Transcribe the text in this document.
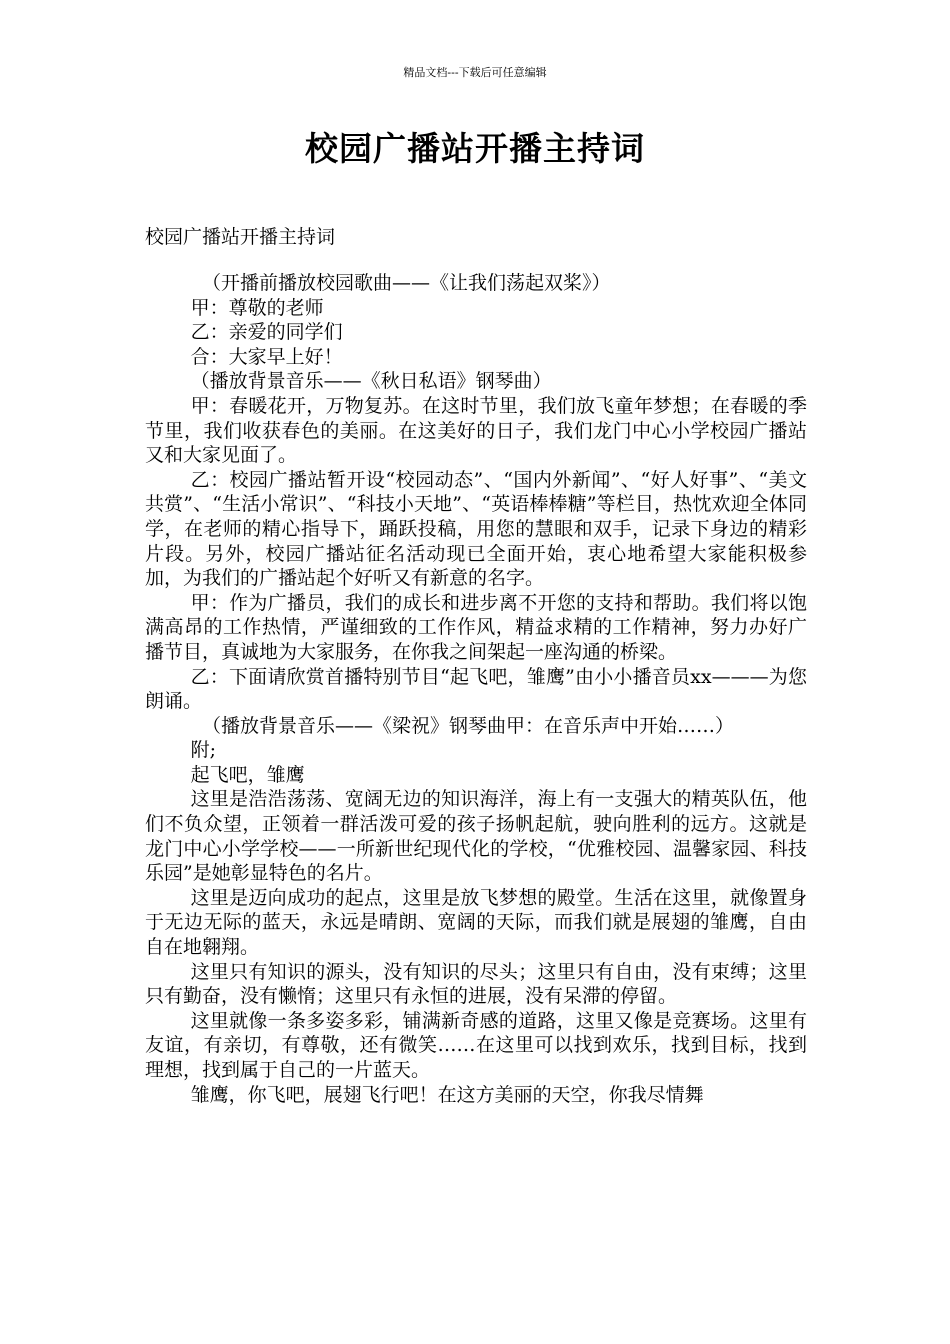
精品文档---下载后可任意编辑
校园广播站开播主持词

校园广播站开播主持词

（开播前播放校园歌曲——《让我们荡起双桨》）

甲：尊敬的老师

乙：亲爱的同学们

合：大家早上好！

（播放背景音乐——《秋日私语》钢琴曲）

甲：春暖花开，万物复苏。在这时节里，我们放飞童年梦想；在春暖的季节里，我们收获春色的美丽。在这美好的日子，我们龙门中心小学校园广播站又和大家见面了。

乙：校园广播站暂开设“校园动态”、“国内外新闻”、“好人好事”、“美文共赏”、“生活小常识”、“科技小天地”、“英语棒棒糖”等栏目，热忱欢迎全体同学，在老师的精心指导下，踊跃投稿，用您的慧眼和双手，记录下身边的精彩片段。另外，校园广播站征名活动现已全面开始，衷心地希望大家能积极参加，为我们的广播站起个好听又有新意的名字。

甲：作为广播员，我们的成长和进步离不开您的支持和帮助。我们将以饱满高昂的工作热情，严谨细致的工作作风，精益求精的工作精神，努力办好广播节目，真诚地为大家服务，在你我之间架起一座沟通的桥梁。

乙：下面请欣赏首播特别节目“起飞吧，雏鹰”由小小播音员xx———为您朗诵。

（播放背景音乐——《梁祝》钢琴曲甲：在音乐声中开始……）

附;

起飞吧，雏鹰

这里是浩浩荡荡、宽阔无边的知识海洋，海上有一支强大的精英队伍，他们不负众望，正领着一群活泼可爱的孩子扬帆起航，驶向胜利的远方。这就是龙门中心小学学校——一所新世纪现代化的学校，“优雅校园、温馨家园、科技乐园”是她彰显特色的名片。

这里是迈向成功的起点，这里是放飞梦想的殿堂。生活在这里，就像置身于无边无际的蓝天，永远是晴朗、宽阔的天际，而我们就是展翅的雏鹰，自由自在地翱翔。

这里只有知识的源头，没有知识的尽头；这里只有自由，没有束缚；这里只有勤奋，没有懒惰；这里只有永恒的进展，没有呆滞的停留。

这里就像一条多姿多彩，铺满新奇感的道路，这里又像是竞赛场。这里有友谊，有亲切，有尊敬，还有微笑……在这里可以找到欢乐，找到目标，找到理想，找到属于自己的一片蓝天。

雏鹰，你飞吧，展翅飞行吧！在这方美丽的天空，你我尽情舞
